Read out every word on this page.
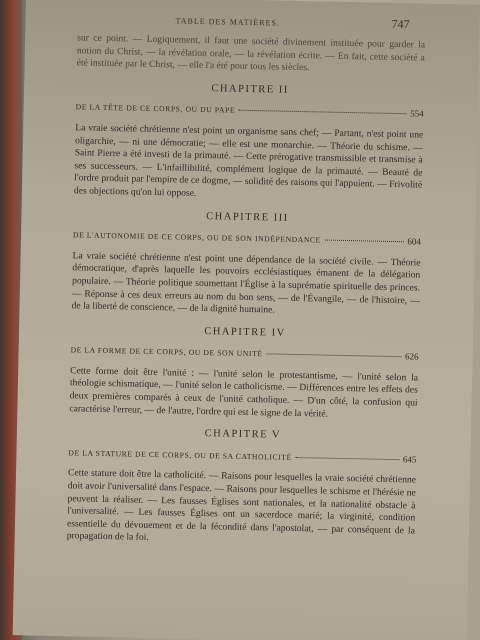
TABLE DES MATIÈRES.	747

sur ce point. — Logiquement, il faut une société divinement instituée pour garder la notion du Christ, — la révélation orale, — la révélation écrite. — En fait, cette société a été instituée par le Christ, — elle l'a été pour tous les siècles.

CHAPITRE II
DE LA TÊTE DE CE CORPS, OU DU PAPE	554

La vraie société chrétienne n'est point un organisme sans chef; — Partant, n'est point une oligarchie, — ni une démocratie; — elle est une monarchie. — Théorie du schisme. — Saint Pierre a été investi de la primauté. — Cette prérogative transmissible et transmise à ses successeurs. — L'infaillibilité, complément logique de la primauté. — Beauté de l'ordre produit par l'empire de ce dogme, — solidité des raisons qui l'appuient. — Frivolité des objections qu'on lui oppose.

CHAPITRE III
DE L'AUTONOMIE DE CE CORPS, OU DE SON INDÉPENDANCE	604

La vraie société chrétienne n'est point une dépendance de la société civile. — Théorie démocratique, d'après laquelle les pouvoirs ecclésiastiques émanent de la délégation populaire. — Théorie politique soumettant l'Église à la suprématie spirituelle des princes. — Réponse à ces deux erreurs au nom du bon sens, — de l'Évangile, — de l'histoire, — de la liberté de conscience, — de la dignité humaine.

CHAPITRE IV
DE LA FORME DE CE CORPS, OU DE SON UNITÉ	626

Cette forme doit être l'unité : — l'unité selon le protestantisme, — l'unité selon la théologie schismatique, — l'unité selon le catholicisme. — Différences entre les effets des deux premières comparés à ceux de l'unité catholique. — D'un côté, la confusion qui caractérise l'erreur, — de l'autre, l'ordre qui est le signe de la vérité.

CHAPITRE V
DE LA STATURE DE CE CORPS, OU DE SA CATHOLICITÉ	645

Cette stature doit être la catholicité. — Raisons pour lesquelles la vraie société chrétienne doit avoir l'universalité dans l'espace. — Raisons pour lesquelles le schisme et l'hérésie ne peuvent la réaliser. — Les fausses Églises sont nationales, et la nationalité obstacle à l'universalité. — Les fausses Églises ont un sacerdoce marié; la virginité, condition essentielle du dévouement et de la fécondité dans l'apostolat, — par conséquent de la propagation de la foi.
